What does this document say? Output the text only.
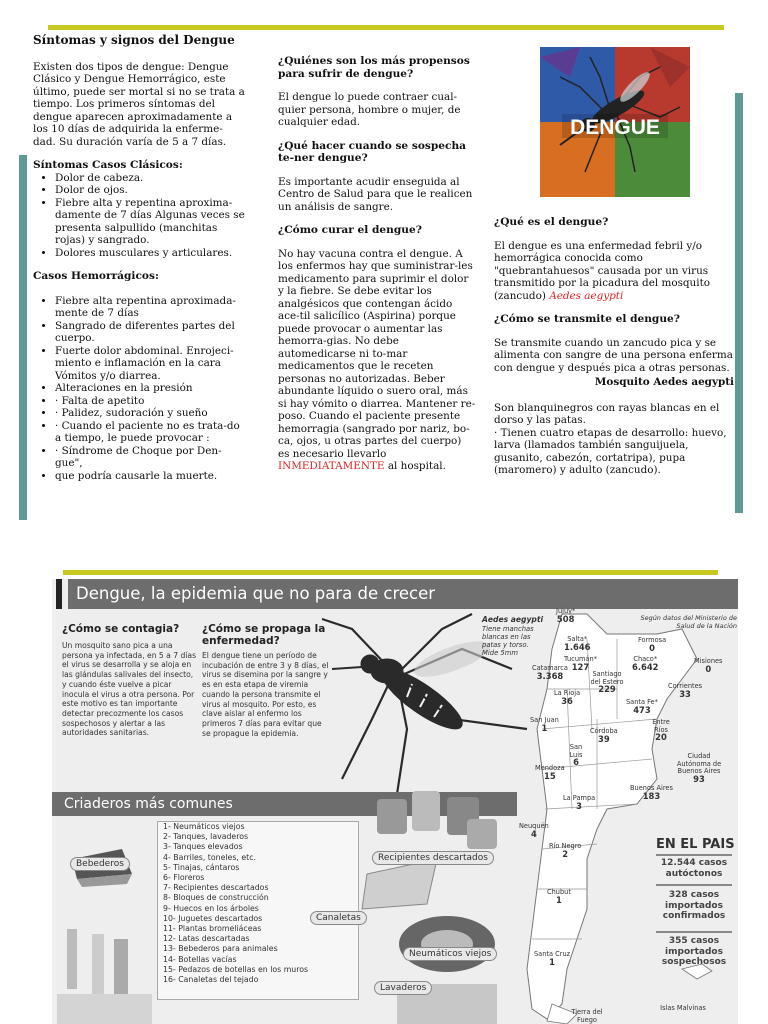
Síntomas y signos del Dengue

Existen dos tipos de dengue: Dengue Clásico y Dengue Hemorrágico, este último, puede ser mortal si no se trata a tiempo. Los primeros síntomas del dengue aparecen aproximadamente a los 10 días de adquirida la enferme-dad. Su duración varía de 5 a 7 días.

Síntomas Casos Clásicos:
• Dolor de cabeza.
• Dolor de ojos.
• Fiebre alta y repentina aproxima-damente de 7 días Algunas veces se presenta salpullido (manchitas rojas) y sangrado.
• Dolores musculares y articulares.
Casos Hemorrágicos:
• Fiebre alta repentina aproximada-mente de 7 días
• Sangrado de diferentes partes del cuerpo.
• Fuerte dolor abdominal. Enrojeci-miento e inflamación en la cara Vómitos y/o diarrea.
• Alteraciones en la presión
• · Falta de apetito
• · Palidez, sudoración y sueño
• · Cuando el paciente no es trata-do a tiempo, le puede provocar :
• · Síndrome de Choque por Den-gue",
• que podría causarle la muerte.
¿Quiénes son los más propensos para sufrir de dengue?

El dengue lo puede contraer cual-quier persona, hombre o mujer, de cualquier edad.

¿Qué hacer cuando se sospecha te-ner dengue?

Es importante acudir enseguida al Centro de Salud para que le realicen un análisis de sangre.

¿Cómo curar el dengue?

No hay vacuna contra el dengue. A los enfermos hay que suministrar-les medicamento para suprimir el dolor y la fiebre. Se debe evitar los analgésicos que contengan ácido ace-til salicílico (Aspirina) porque puede provocar o aumentar las hemorra-gias. No debe automedicarse ni to-mar medicamentos que le receten personas no autorizadas. Beber abundante líquido o suero oral, más si hay vómito o diarrea. Mantener re-poso. Cuando el paciente presente hemorragia (sangrado por nariz, bo-ca, ojos, u otras partes del cuerpo) es necesario llevarlo INMEDIATAMENTE al hospital.

DENGUE
¿Qué es el dengue?

El dengue es una enfermedad febril y/o hemorrágica conocida como "quebrantahuesos" causada por un virus transmitido por la picadura del mosquito (zancudo) Aedes aegypti

¿Cómo se transmite el dengue?

Se transmite cuando un zancudo pica y se alimenta con sangre de una persona enferma con dengue y después pica a otras personas.

Mosquito Aedes aegypti
Son blanquinegros con rayas blancas en el dorso y las patas.
· Tienen cuatro etapas de desarrollo: huevo, larva (llamados también sanguijuela, gusanito, cabezón, cortatripa), pupa (maromero) y adulto (zancudo).
Dengue, la epidemia que no para de crecer
¿Cómo se contagia?
Un mosquito sano pica a una persona ya infectada, en 5 a 7 días el virus se desarrolla y se aloja en las glándulas salivales del insecto, y cuando éste vuelve a picar inocula el virus a otra persona. Por este motivo es tan importante detectar precozmente los casos sospechosos y alertar a las autoridades sanitarias.
¿Cómo se propaga la enfermedad?
El dengue tiene un período de incubación de entre 3 y 8 días, el virus se disemina por la sangre y es en esta etapa de viremia cuando la persona transmite el virus al mosquito. Por esto, es clave aislar al enfermo los primeros 7 días para evitar que se propague la epidemia.
Aedes aegypti
Tiene manchas blancas en las patas y torso. Mide 5mm
Según datos del Ministerio de Salud de la Nación
Jujuy*
508
Salta*
1.646
Formosa
0
Misiones
0
Tucumán*
127
Chaco*
6.642
Catamarca
3.368	Santiago del Estero
229	Corrientes
33
La Rioja
36	Santa Fe*
473
Entre Ríos
20
San Juan
1	Córdoba
39
San Luis
6
Ciudad Autónoma de Buenos Aires
93
Mendoza
15
Buenos Aires
183
La Pampa
3
Neuquén
4
Río Negro
2
Chubut
1
Santa Cruz
1
Tierra del Fuego
Islas Malvinas
EN EL PAIS
12.544 casos
autóctonos
328 casos
importados confirmados
355 casos
importados sospechosos
Criaderos más comunes
1- Neumáticos viejos
2- Tanques, lavaderos
3- Tanques elevados
4- Barriles, toneles, etc.
5- Tinajas, cántaros
6- Floreros
7- Recipientes descartados
8- Bloques de construcción
9- Huecos en los árboles
10- Juguetes descartados
11- Plantas bromeliáceas
12- Latas descartadas
13- Bebederos para animales
14- Botellas vacías
15- Pedazos de botellas en los muros
16- Canaletas del tejado
Bebederos
Recipientes descartados
Canaletas
Neumáticos viejos
Lavaderos
